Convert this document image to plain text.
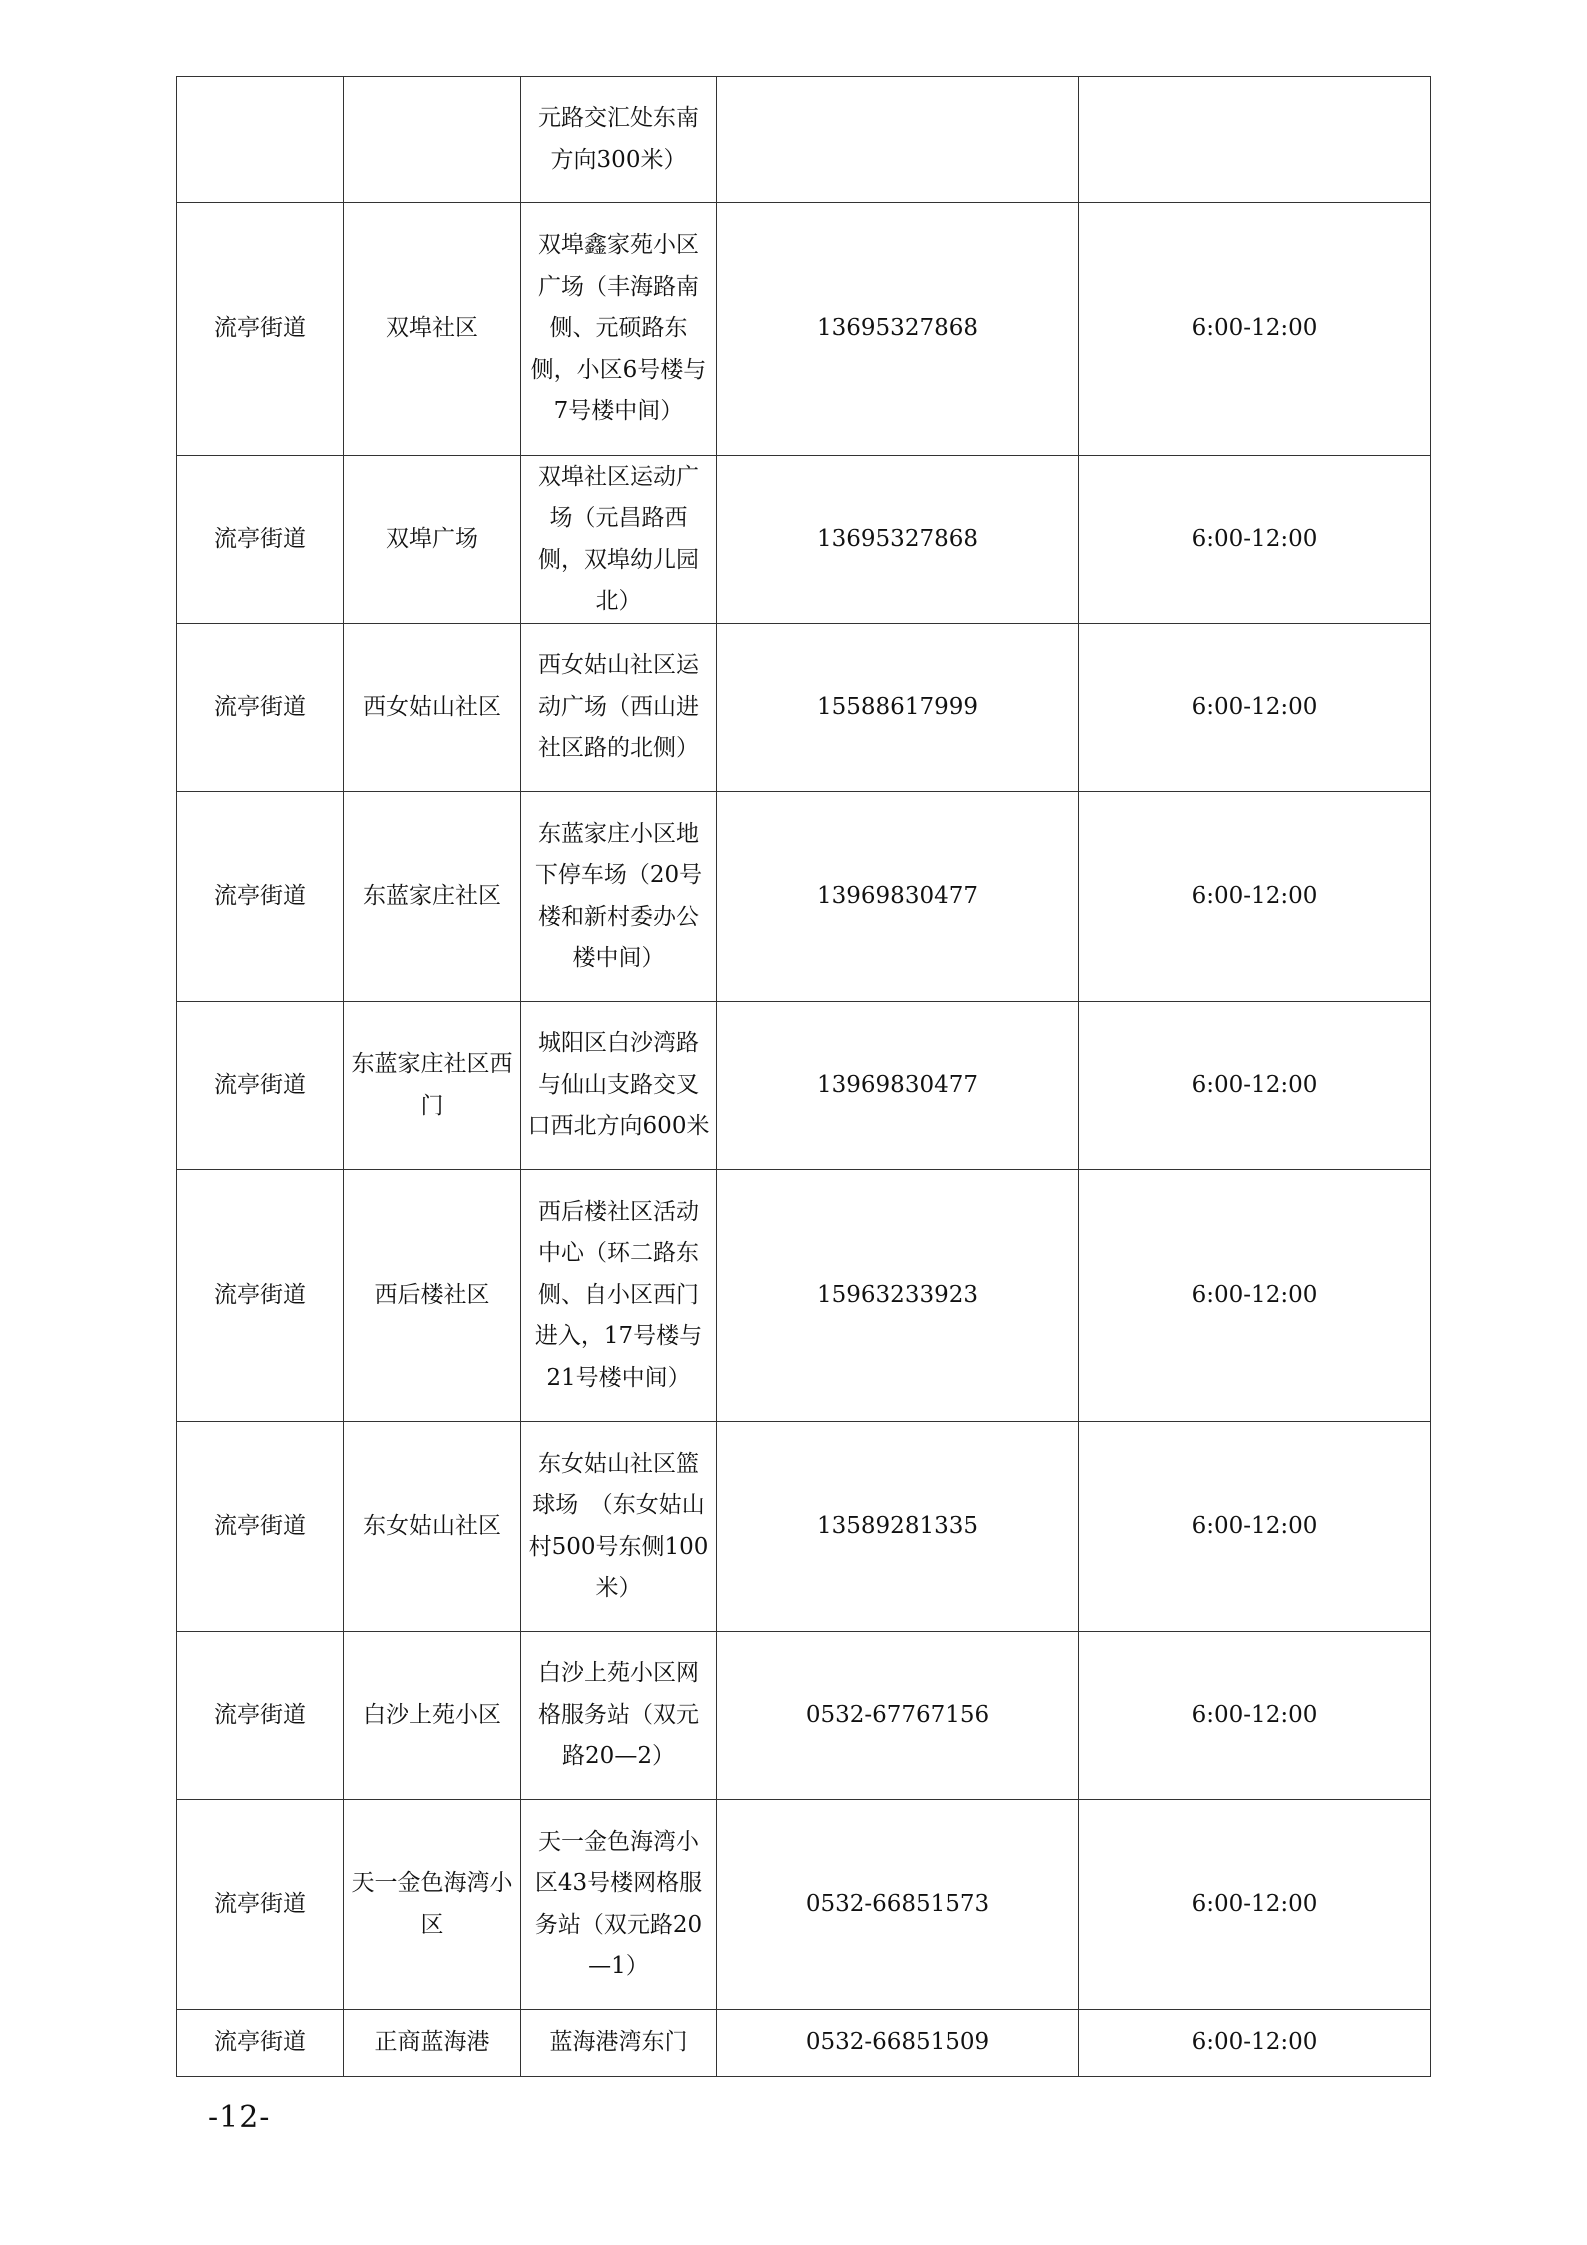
		元路交汇处东南方向300米）		
流亭街道	双埠社区	双埠鑫家苑小区广场（丰海路南侧、元硕路东侧，小区6号楼与7号楼中间）	13695327868	6:00-12:00
流亭街道	双埠广场	双埠社区运动广场（元昌路西侧，双埠幼儿园北）	13695327868	6:00-12:00
流亭街道	西女姑山社区	西女姑山社区运动广场（西山进社区路的北侧）	15588617999	6:00-12:00
流亭街道	东蓝家庄社区	东蓝家庄小区地下停车场（20号楼和新村委办公楼中间）	13969830477	6:00-12:00
流亭街道	东蓝家庄社区西门	城阳区白沙湾路与仙山支路交叉口西北方向600米	13969830477	6:00-12:00
流亭街道	西后楼社区	西后楼社区活动中心（环二路东侧、自小区西门进入，17号楼与21号楼中间）	15963233923	6:00-12:00
流亭街道	东女姑山社区	东女姑山社区篮球场　（东女姑山村500号东侧100米）	13589281335	6:00-12:00
流亭街道	白沙上苑小区	白沙上苑小区网格服务站（双元路20—2）	0532-67767156	6:00-12:00
流亭街道	天一金色海湾小区	天一金色海湾小区43号楼网格服务站（双元路20—1）	0532-66851573	6:00-12:00
流亭街道	正商蓝海港	蓝海港湾东门	0532-66851509	6:00-12:00
-12-
